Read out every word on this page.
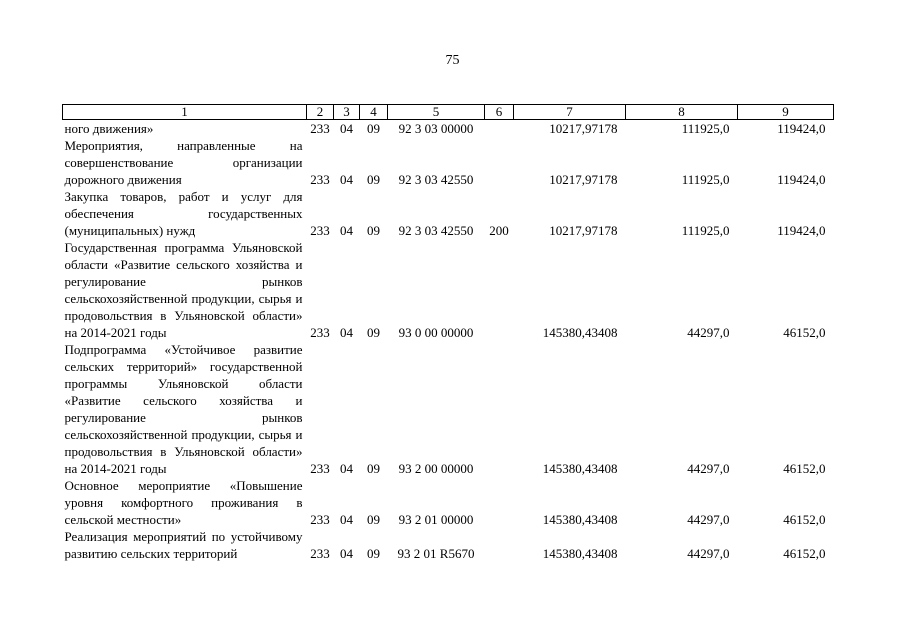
75
1	2	3	4	5	6	7	8	9
ного движения»	233	04	09	92 3 03 00000		10217,97178	111925,0	119424,0
Мероприятия, направленные на совершенствование организации дорожного движения	233	04	09	92 3 03 42550		10217,97178	111925,0	119424,0
Закупка товаров, работ и услуг для обеспечения государственных (муниципальных) нужд	233	04	09	92 3 03 42550	200	10217,97178	111925,0	119424,0
Государственная программа Ульяновской области «Развитие сельского хозяйства и регулирование рынков сельскохозяйственной продукции, сырья и продовольствия в Ульяновской области» на 2014-2021 годы	233	04	09	93 0 00 00000		145380,43408	44297,0	46152,0
Подпрограмма «Устойчивое развитие сельских территорий» государственной программы Ульяновской области «Развитие сельского хозяйства и регулирование рынков сельскохозяйственной продукции, сырья и продовольствия в Ульяновской области» на 2014-2021 годы	233	04	09	93 2 00 00000		145380,43408	44297,0	46152,0
Основное мероприятие «Повышение уровня комфортного проживания в сельской местности»	233	04	09	93 2 01 00000		145380,43408	44297,0	46152,0
Реализация мероприятий по устойчивому развитию сельских территорий	233	04	09	93 2 01 R5670		145380,43408	44297,0	46152,0
